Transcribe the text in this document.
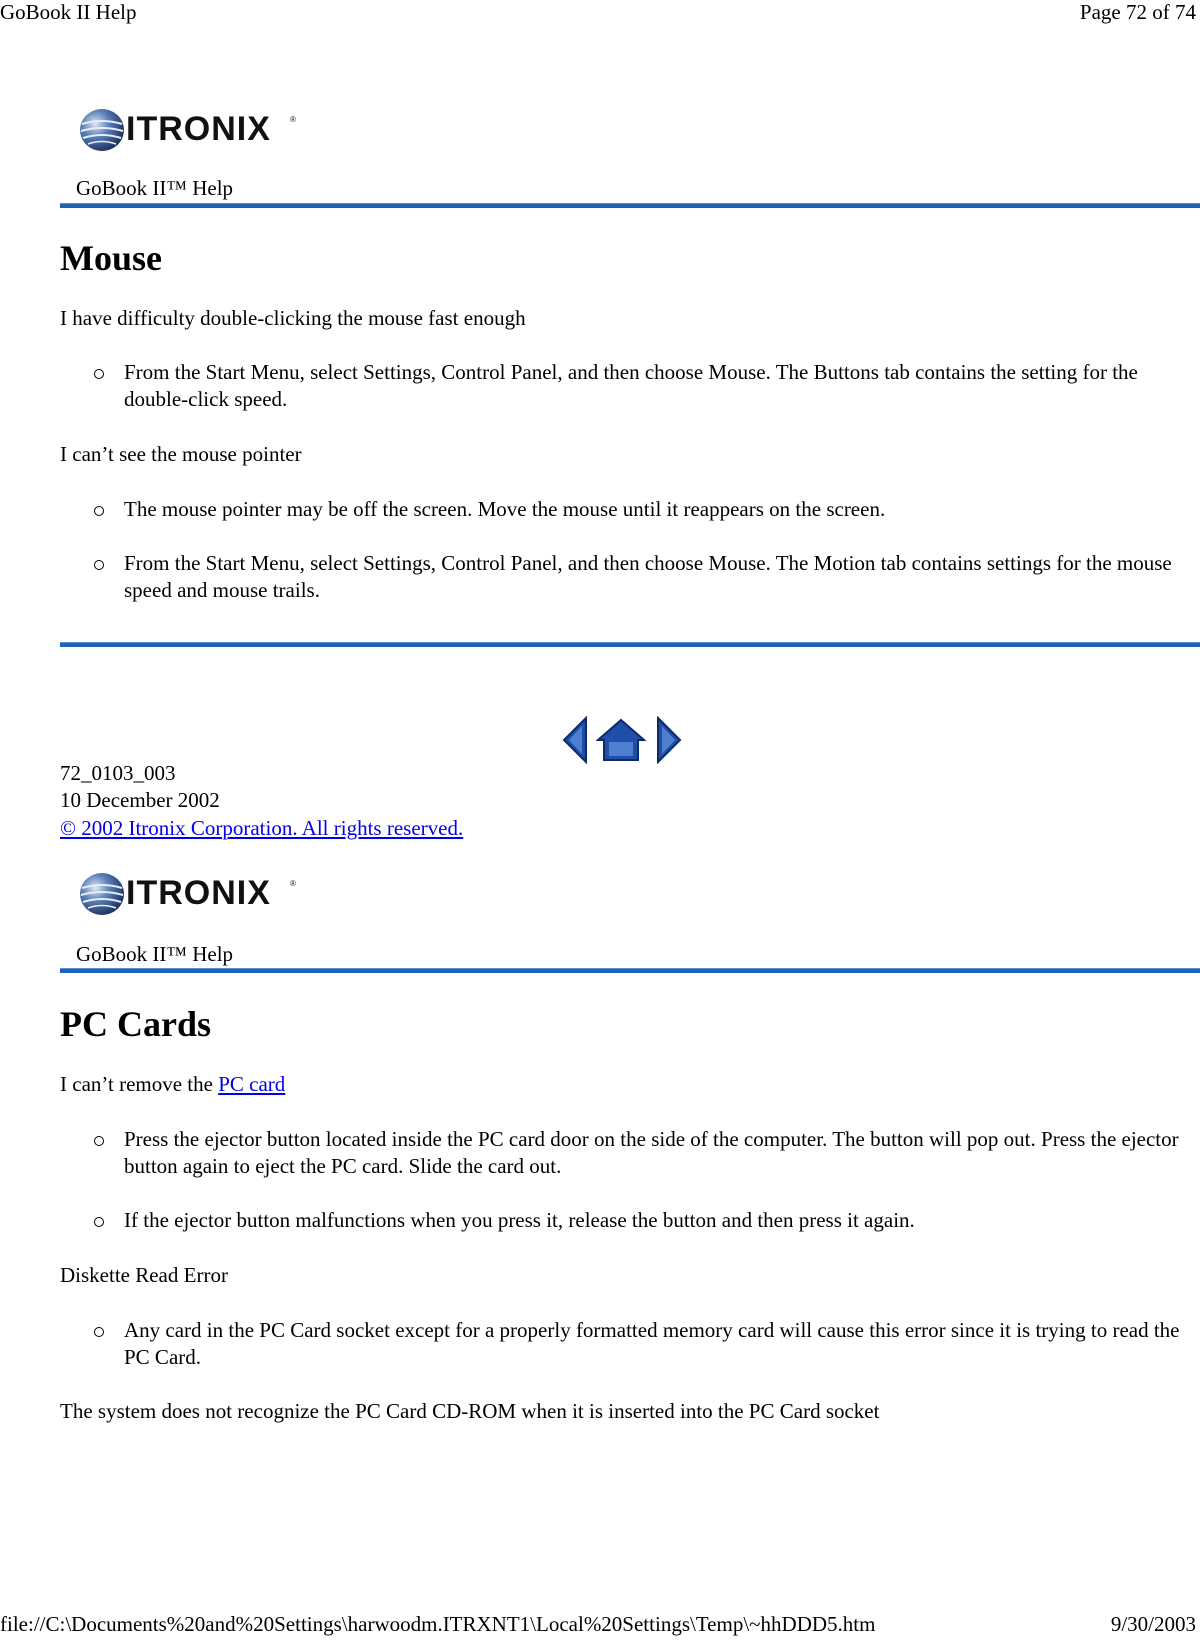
GoBook II Help	Page 72 of 74
ITRONIX ®
GoBook II™ Help
Mouse
I have difficulty double-clicking the mouse fast enough
From the Start Menu, select Settings, Control Panel, and then choose Mouse. The Buttons tab contains the setting for the double-click speed.
I can’t see the mouse pointer
The mouse pointer may be off the screen. Move the mouse until it reappears on the screen.
From the Start Menu, select Settings, Control Panel, and then choose Mouse. The Motion tab contains settings for the mouse speed and mouse trails.
72_0103_003
10 December 2002
© 2002 Itronix Corporation. All rights reserved.
ITRONIX ®
GoBook II™ Help
PC Cards
I can’t remove the PC card
Press the ejector button located inside the PC card door on the side of the computer. The button will pop out. Press the ejector button again to eject the PC card. Slide the card out.
If the ejector button malfunctions when you press it, release the button and then press it again.
Diskette Read Error
Any card in the PC Card socket except for a properly formatted memory card will cause this error since it is trying to read the PC Card.
The system does not recognize the PC Card CD-ROM when it is inserted into the PC Card socket
file://C:\Documents%20and%20Settings\harwoodm.ITRXNT1\Local%20Settings\Temp\~hhDDD5.htm	9/30/2003
